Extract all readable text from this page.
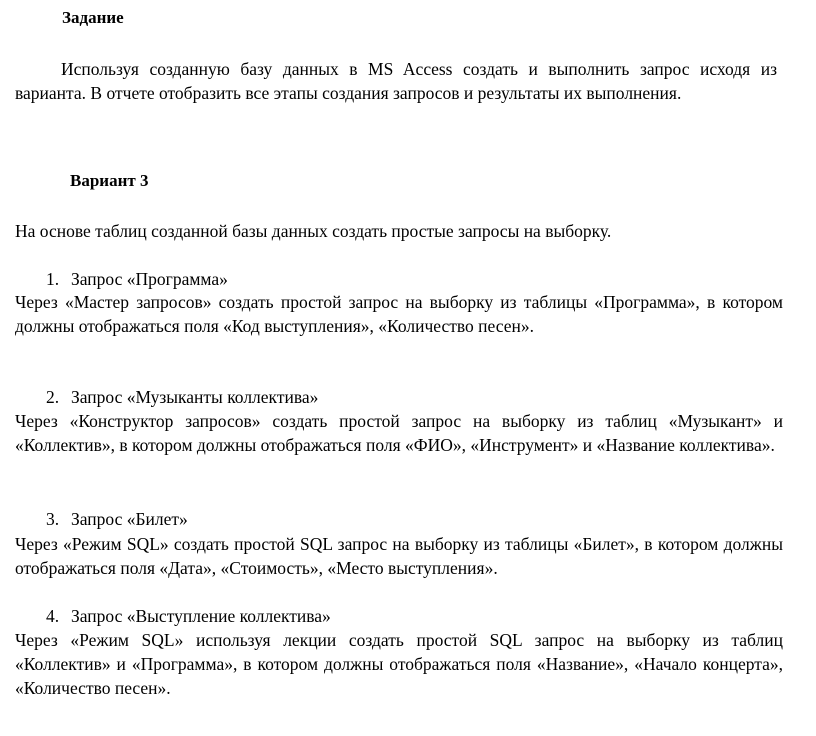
Задание

Используя созданную базу данных в MS Access создать и выполнить запрос исходя из варианта. В отчете отобразить все этапы создания запросов и результаты их выполнения.

Вариант 3

На основе таблиц созданной базы данных создать простые запросы на выборку.

1. Запрос «Программа»

Через «Мастер запросов» создать простой запрос на выборку из таблицы «Программа», в котором должны отображаться поля «Код выступления», «Количество песен».

2. Запрос «Музыканты коллектива»

Через «Конструктор запросов» создать простой запрос на выборку из таблиц «Музыкант» и «Коллектив», в котором должны отображаться поля «ФИО», «Инструмент» и «Название коллектива».

3. Запрос «Билет»

Через «Режим SQL» создать простой SQL запрос на выборку из таблицы «Билет», в котором должны отображаться поля «Дата», «Стоимость», «Место выступления».

4. Запрос «Выступление коллектива»

Через «Режим SQL» используя лекции создать простой SQL запрос на выборку из таблиц «Коллектив» и «Программа», в котором должны отображаться поля «Название», «Начало концерта», «Количество песен».
